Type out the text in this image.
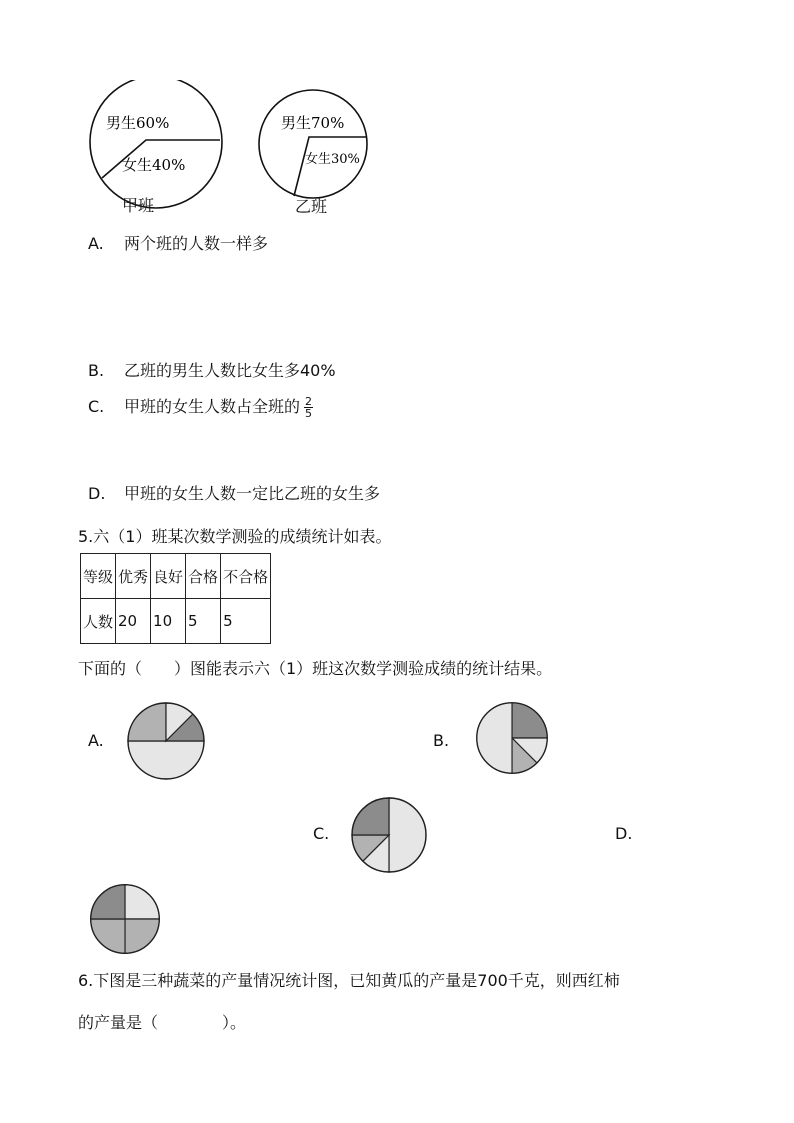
男生60%
女生40%
甲班
男生70%
女生30%
乙班
A. 两个班的人数一样多
B. 乙班的男生人数比女生多40%
C. 甲班的女生人数占全班的 $\frac{2}{5}$
D. 甲班的女生人数一定比乙班的女生多
5.六（1）班某次数学测验的成绩统计如表。
等级	优秀	良好	合格	不合格
人数	20	10	5	5
下面的（　　）图能表示六（1）班这次数学测验成绩的统计结果。
A.	B.
C.	D.
6.下图是三种蔬菜的产量情况统计图，已知黄瓜的产量是700千克，则西红柿
的产量是（　　　　）。
